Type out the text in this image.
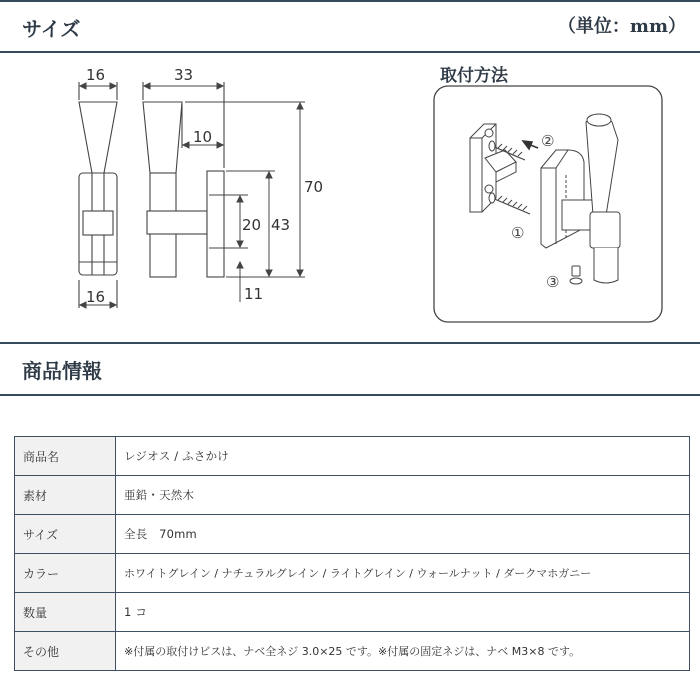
サイズ	（単位：mm）
16
16
33
10
70
43
20
11
取付方法
②
①
③
商品情報
商品名	レジオス / ふさかけ
素材	亜鉛・天然木
サイズ	全長　70mm
カラー	ホワイトグレイン / ナチュラルグレイン / ライトグレイン / ウォールナット / ダークマホガニー
数量	1 コ
その他	※付属の取付けビスは、ナベ全ネジ 3.0×25 です。※付属の固定ネジは、ナベ M3×8 です。
